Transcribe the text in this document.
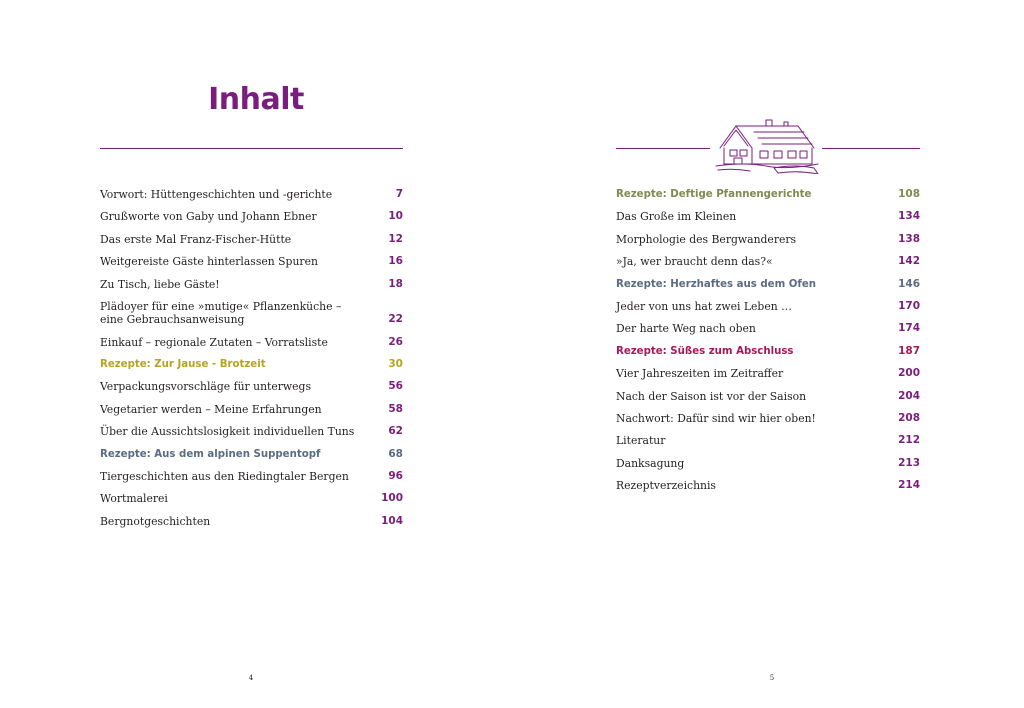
Inhalt
Vorwort: Hüttengeschichten und -gerichte	7
Grußworte von Gaby und Johann Ebner	10
Das erste Mal Franz-Fischer-Hütte	12
Weitgereiste Gäste hinterlassen Spuren	16
Zu Tisch, liebe Gäste!	18
Plädoyer für eine »mutige« Pflanzenküche –
eine Gebrauchsanweisung	22
Einkauf – regionale Zutaten – Vorratsliste	26
Rezepte: Zur Jause - Brotzeit	30
Verpackungsvorschläge für unterwegs	56
Vegetarier werden – Meine Erfahrungen	58
Über die Aussichtslosigkeit individuellen Tuns	62
Rezepte: Aus dem alpinen Suppentopf	68
Tiergeschichten aus den Riedingtaler Bergen	96
Wortmalerei	100
Bergnotgeschichten	104
4
Rezepte: Deftige Pfannengerichte	108
Das Große im Kleinen	134
Morphologie des Bergwanderers	138
»Ja, wer braucht denn das?«	142
Rezepte: Herzhaftes aus dem Ofen	146
Jeder von uns hat zwei Leben …	170
Der harte Weg nach oben	174
Rezepte: Süßes zum Abschluss	187
Vier Jahreszeiten im Zeitraffer	200
Nach der Saison ist vor der Saison	204
Nachwort: Dafür sind wir hier oben!	208
Literatur	212
Danksagung	213
Rezeptverzeichnis	214
5
